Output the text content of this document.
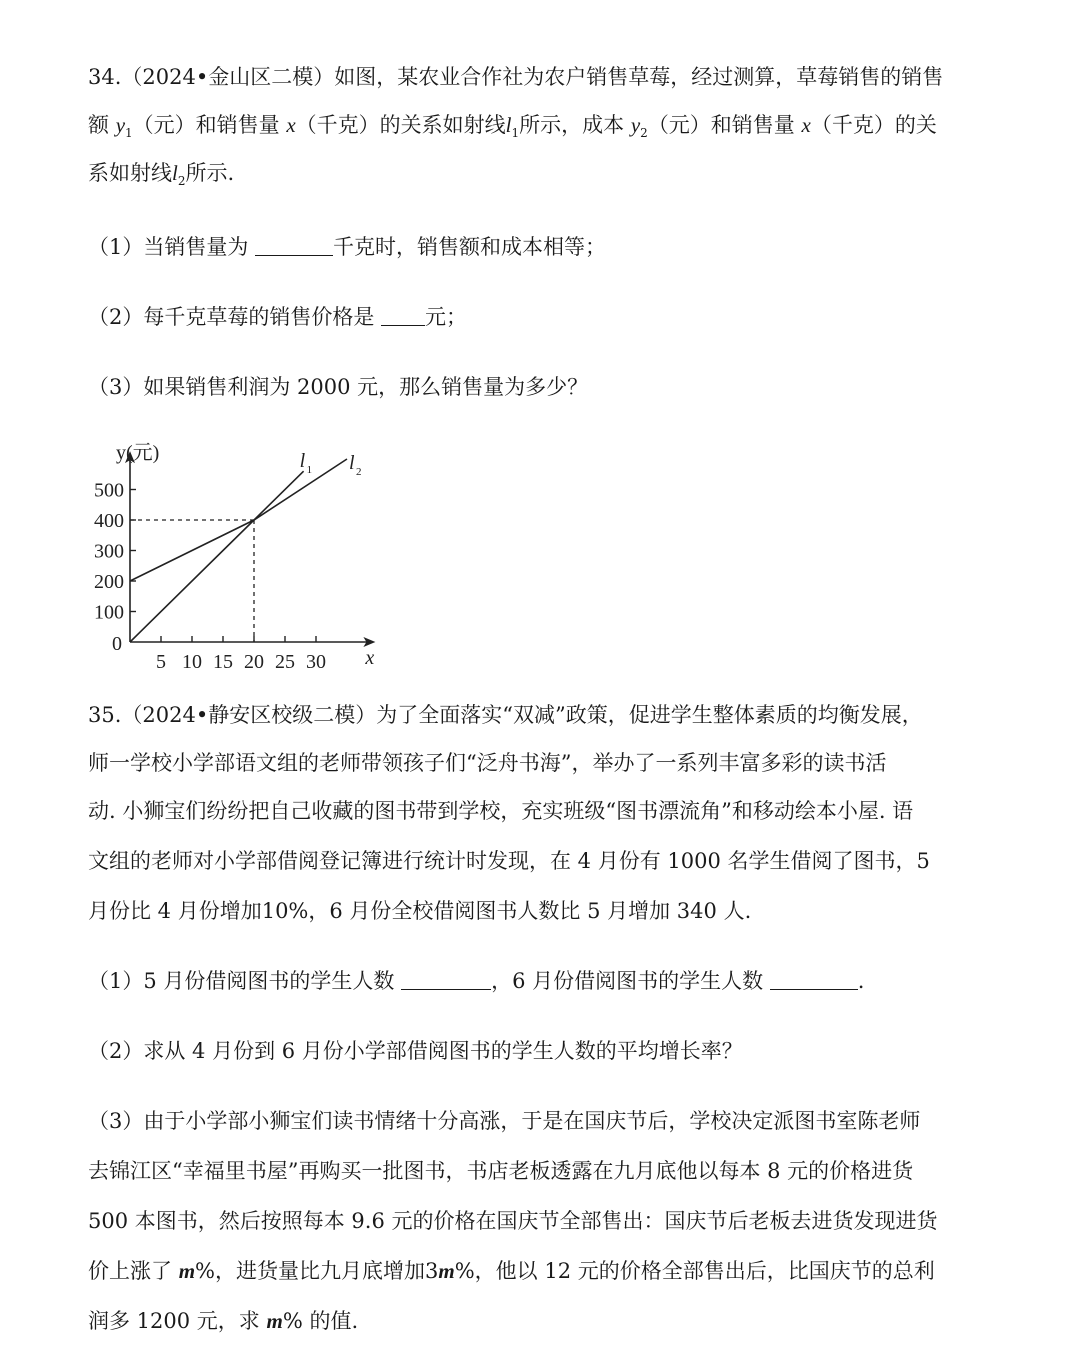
34.（2024•金山区二模）如图，某农业合作社为农户销售草莓，经过测算，草莓销售的销售
额 $y_1$（元）和销售量 x（千克）的关系如射线$l_1$所示，成本 $y_2$（元）和销售量 x（千克）的关
系如射线$l_2$所示.
（1）当销售量为	千克时，销售额和成本相等；
（2）每千克草莓的销售价格是 元；
（3）如果销售利润为 2000 元，那么销售量为多少？
y(元)
x
0
5 10 15 20 25 30
100
200
300
400
500
l 1 l 2
35.（2024•静安区校级二模）为了全面落实“双减”政策，促进学生整体素质的均衡发展，
师一学校小学部语文组的老师带领孩子们“泛舟书海”，举办了一系列丰富多彩的读书活
动. 小狮宝们纷纷把自己收藏的图书带到学校，充实班级“图书漂流角”和移动绘本小屋. 语
文组的老师对小学部借阅登记簿进行统计时发现，在 4 月份有 1000 名学生借阅了图书，5
月份比 4 月份增加10%，6 月份全校借阅图书人数比 5 月增加 340 人.
（1）5 月份借阅图书的学生人数	，6 月份借阅图书的学生人数	.
（2）求从 4 月份到 6 月份小学部借阅图书的学生人数的平均增长率？
（3）由于小学部小狮宝们读书情绪十分高涨，于是在国庆节后，学校决定派图书室陈老师
去锦江区“幸福里书屋”再购买一批图书，书店老板透露在九月底他以每本 8 元的价格进货
500 本图书，然后按照每本 9.6 元的价格在国庆节全部售出：国庆节后老板去进货发现进货
价上涨了 m%，进货量比九月底增加3m%，他以 12 元的价格全部售出后，比国庆节的总利
润多 1200 元，求 m% 的值.
